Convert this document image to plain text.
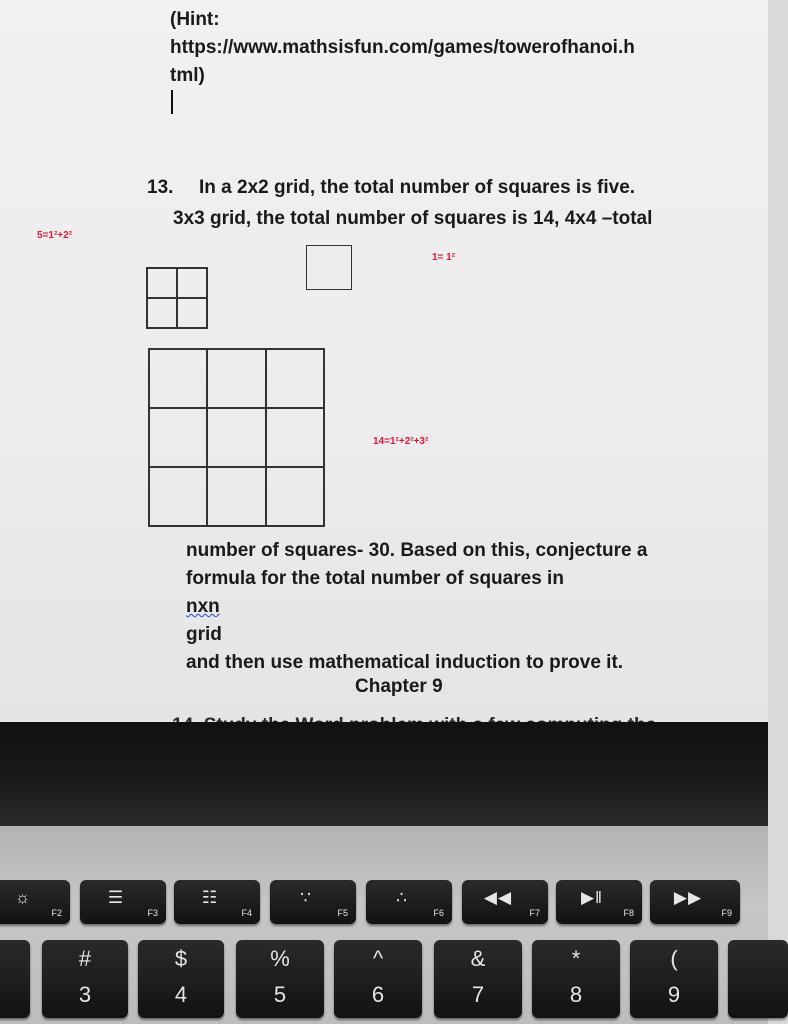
(Hint:
https://www.mathsisfun.com/games/towerofhanoi.h
tml)
13. In a 2x2 grid, the total number of squares is five.
3x3 grid, the total number of squares is 14, 4x4 –total
5=1²+2²
1= 1²
14=1²+2²+3²
number of squares- 30. Based on this, conjecture a
formula for the total number of squares in
nxn
grid
and then use mathematical induction to prove it.
Chapter 9
☼
F2
☰
F3
☷
F4
∵
F5
∴
F6
◀◀
F7
▶‖
F8
▶▶
F9
#
3
$
4
%
5
^
6
&
7
*
8
(
9
